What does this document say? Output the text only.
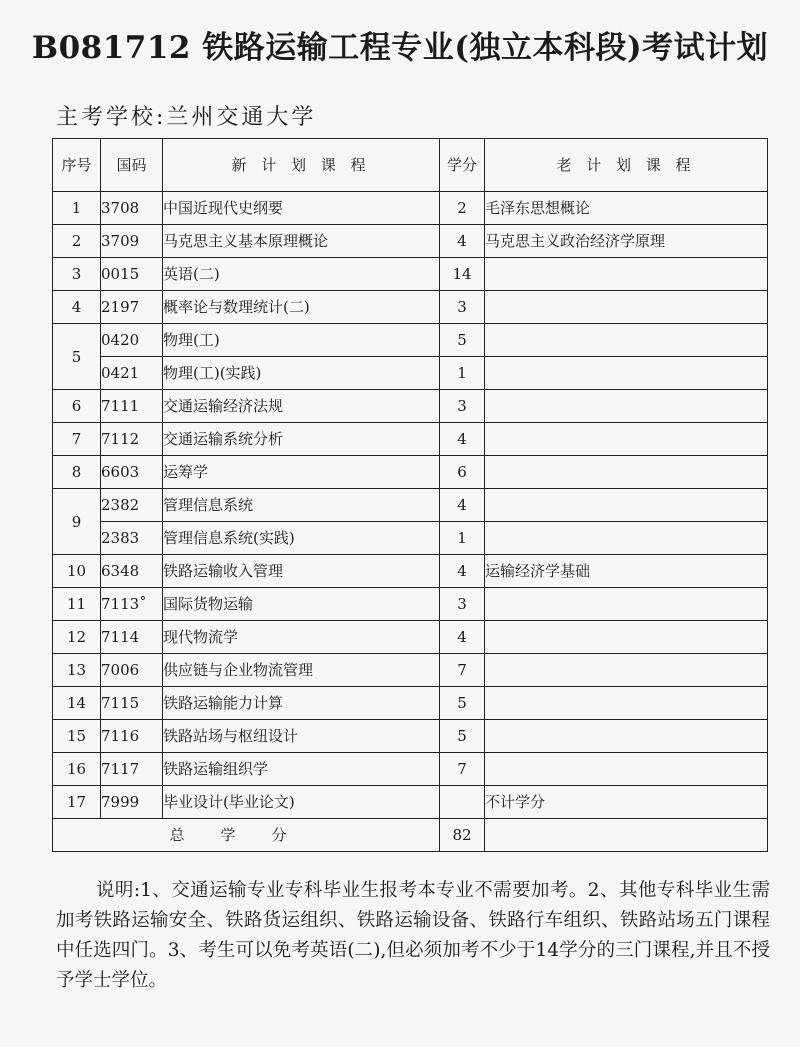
B081712 铁路运输工程专业(独立本科段)考试计划
主考学校:兰州交通大学
序号	国码	新 计 划 课 程	学分	老 计 划 课 程
1	3708	中国近现代史纲要	2	毛泽东思想概论
2	3709	马克思主义基本原理概论	4	马克思主义政治经济学原理
3	0015	英语(二)	14	
4	2197	概率论与数理统计(二)	3	
5	0420	物理(工)	5	
	0421	物理(工)(实践)	1	
6	7111	交通运输经济法规	3	
7	7112	交通运输系统分析	4	
8	6603	运筹学	6	
9	2382	管理信息系统	4	
	2383	管理信息系统(实践)	1	
10	6348	铁路运输收入管理	4	运输经济学基础
11	7113˚	国际货物运输	3	
12	7114	现代物流学	4	
13	7006	供应链与企业物流管理	7	
14	7115	铁路运输能力计算	5	
15	7116	铁路站场与枢纽设计	5	
16	7117	铁路运输组织学	7	
17	7999	毕业设计(毕业论文)		不计学分
总学分			82	
说明:1、交通运输专业专科毕业生报考本专业不需要加考。2、其他专科毕业生需加考铁路运输安全、铁路货运组织、铁路运输设备、铁路行车组织、铁路站场五门课程中任选四门。3、考生可以免考英语(二),但必须加考不少于14学分的三门课程,并且不授予学士学位。
